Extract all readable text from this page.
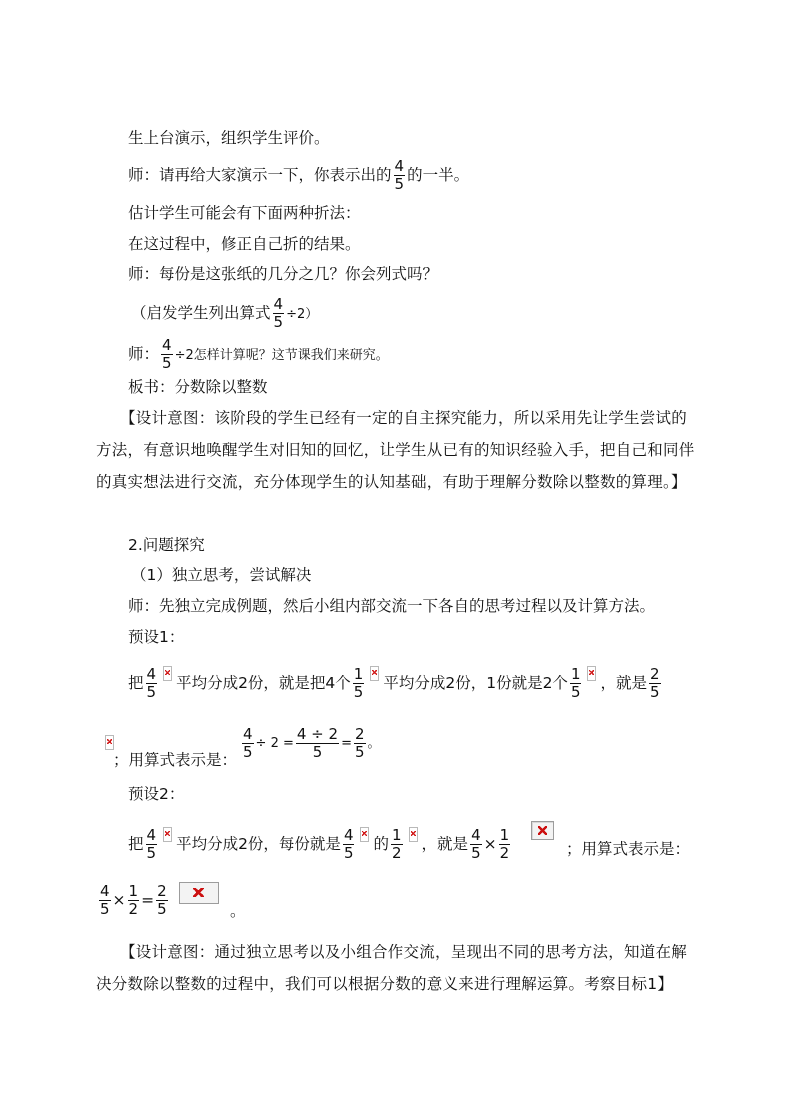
生上台演示，组织学生评价。
师：请再给大家演示一下，你表示出的 $\frac{4}{5}$ 的一半。
估计学生可能会有下面两种折法：
在这过程中，修正自己折的结果。
师：每份是这张纸的几分之几？你会列式吗？
（启发学生列出算式 $\frac{4}{5} \div 2$）
师： $\frac{4}{5} \div 2$怎样计算呢？这节课我们来研究。
板书：分数除以整数
【设计意图：该阶段的学生已经有一定的自主探究能力，所以采用先让学生尝试的方法，有意识地唤醒学生对旧知的回忆，让学生从已有的知识经验入手，把自己和同伴的真实想法进行交流，充分体现学生的认知基础，有助于理解分数除以整数的算理。】
2.问题探究
（1）独立思考，尝试解决
师：先独立完成例题，然后小组内部交流一下各自的思考过程以及计算方法。
预设1：
把 $\frac{4}{5}$ 平均分成2份，就是把4个 $\frac{1}{5}$ 平均分成2份，1份就是2个 $\frac{1}{5}$ ，就是 $\frac{2}{5}$
；用算式表示是： $\frac{4}{5} \div 2 = \frac{4 \div 2}{5} = \frac{2}{5}$ 。
预设2：
把 $\frac{4}{5}$ 平均分成2份，每份就是 $\frac{4}{5}$ 的 $\frac{1}{2}$ ，就是 $\frac{4}{5} \times \frac{1}{2}$	；用算式表示是：
$\frac{4}{5} \times \frac{1}{2} = \frac{2}{5}$	。
【设计意图：通过独立思考以及小组合作交流，呈现出不同的思考方法，知道在解决分数除以整数的过程中，我们可以根据分数的意义来进行理解运算。考察目标1】
